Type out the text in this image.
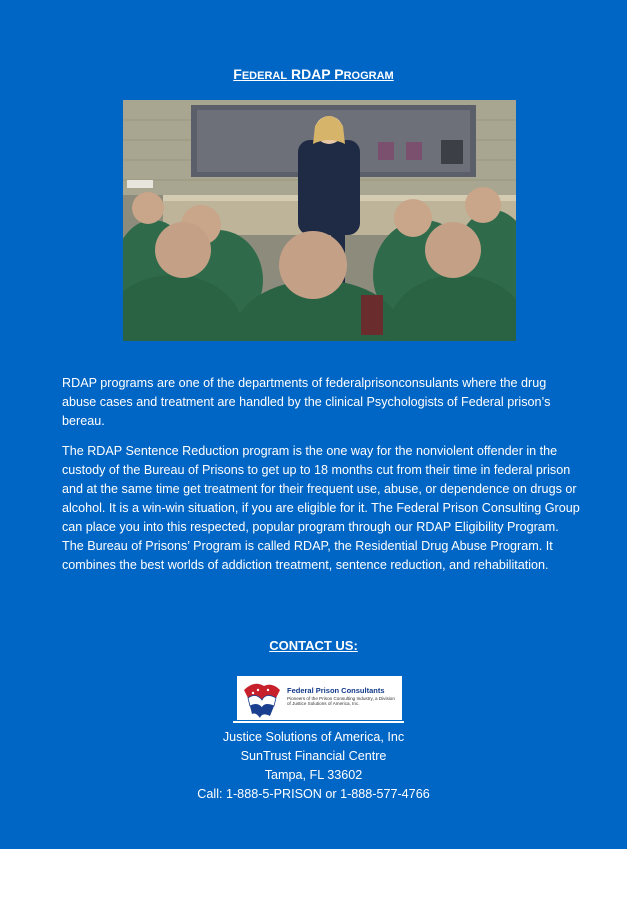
FEDERAL RDAP PROGRAM

RDAP programs are one of the departments of federalprisonconsulants where the drug abuse cases and treatment are handled by the clinical Psychologists of Federal prison’s bereau.

The RDAP Sentence Reduction program is the one way for the nonviolent offender in the custody of the Bureau of Prisons to get up to 18 months cut from their time in federal prison and at the same time get treatment for their frequent use, abuse, or dependence on drugs or alcohol. It is a win-win situation, if you are eligible for it. The Federal Prison Consulting Group can place you into this respected, popular program through our RDAP Eligibility Program. The Bureau of Prisons’ Program is called RDAP, the Residential Drug Abuse Program. It combines the best worlds of addiction treatment, sentence reduction, and rehabilitation.

CONTACT US:
Federal Prison Consultants
Pioneers of the Prison Consulting Industry, a Division of Justice Solutions of America, Inc.
Justice Solutions of America, Inc
SunTrust Financial Centre
Tampa, FL 33602
Call: 1-888-5-PRISON or 1-888-577-4766
